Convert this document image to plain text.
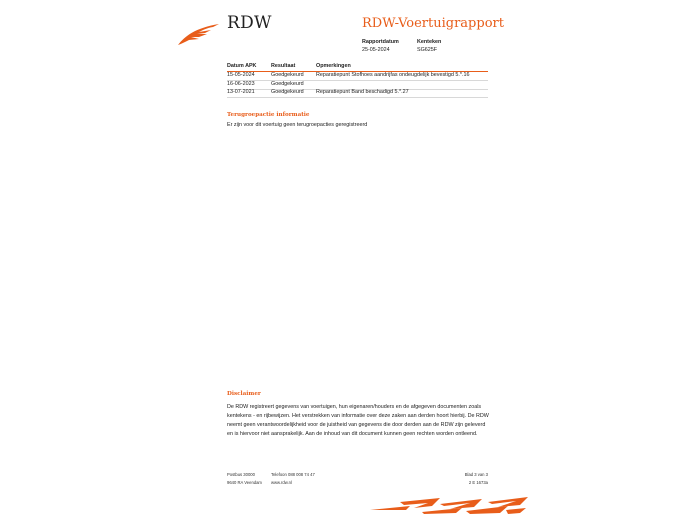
RDW	RDW-Voertuigrapport
Rapportdatum
25-05-2024
Kenteken
SG625F
Datum APK	Resultaat	Opmerkingen
15-05-2024	Goedgekeurd Reparatiepunt Stofhoes aandrijfas ondeugdelijk bevestigd 5.*.16
16-06-2023	Goedgekeurd
13-07-2021	Goedgekeurd Reparatiepunt Band beschadigd 5.*.27
Terugroepactie informatie
Er zijn voor dit voertuig geen terugroepacties geregistreerd
Disclaimer
De RDW registreert gegevens van voertuigen, hun eigenaren/houders en de afgegeven documenten zoals kentekens - en rijbewijzen. Het verstrekken van informatie over deze zaken aan derden hoort hierbij. De RDW neemt geen verantwoordelijkheid voor de juistheid van gegevens die door derden aan de RDW zijn geleverd en is hiervoor niet aansprakelijk. Aan de inhoud van dit document kunnen geen rechten worden ontleend.
Postbus 30000
9640 RA Veendam
Telefoon 088 008 74 47
www.rdw.nl
Blad 3 van 3
2 E 1673a
